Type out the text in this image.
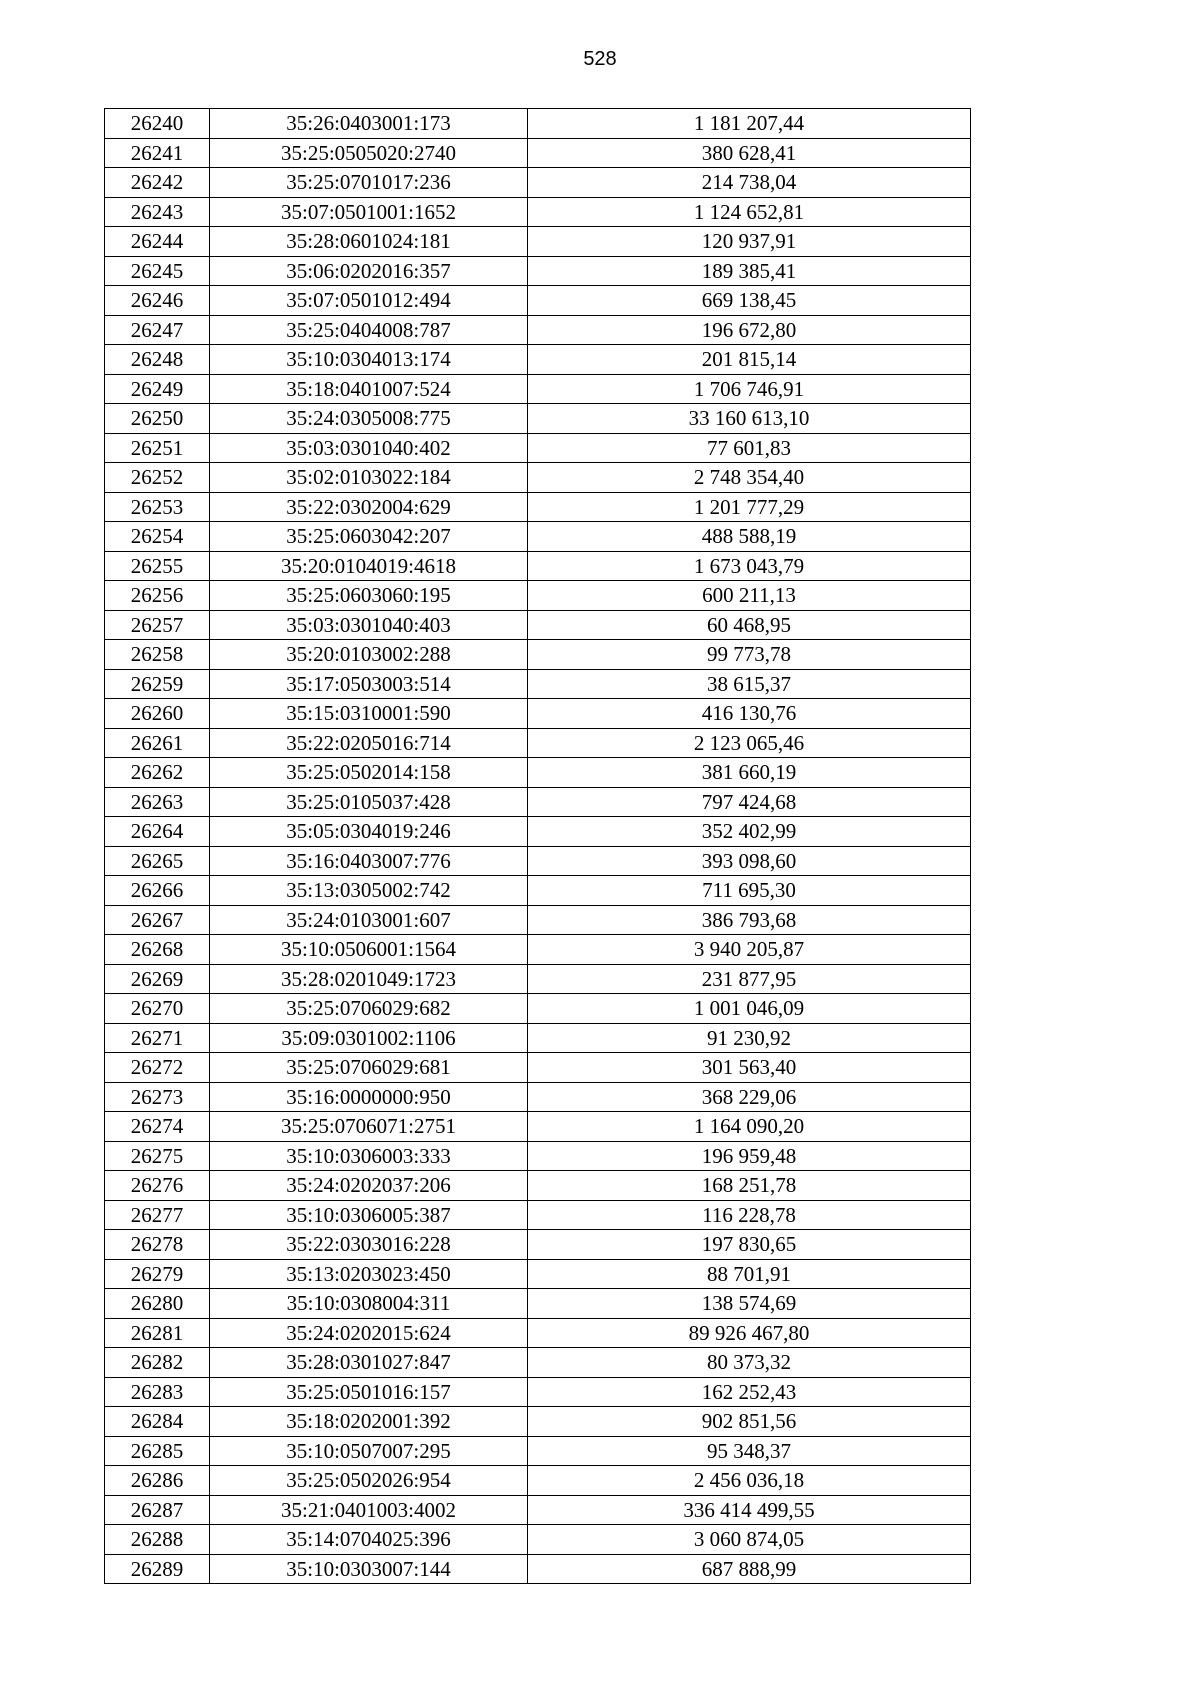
528
26240	35:26:0403001:173	1 181 207,44
26241	35:25:0505020:2740	380 628,41
26242	35:25:0701017:236	214 738,04
26243	35:07:0501001:1652	1 124 652,81
26244	35:28:0601024:181	120 937,91
26245	35:06:0202016:357	189 385,41
26246	35:07:0501012:494	669 138,45
26247	35:25:0404008:787	196 672,80
26248	35:10:0304013:174	201 815,14
26249	35:18:0401007:524	1 706 746,91
26250	35:24:0305008:775	33 160 613,10
26251	35:03:0301040:402	77 601,83
26252	35:02:0103022:184	2 748 354,40
26253	35:22:0302004:629	1 201 777,29
26254	35:25:0603042:207	488 588,19
26255	35:20:0104019:4618	1 673 043,79
26256	35:25:0603060:195	600 211,13
26257	35:03:0301040:403	60 468,95
26258	35:20:0103002:288	99 773,78
26259	35:17:0503003:514	38 615,37
26260	35:15:0310001:590	416 130,76
26261	35:22:0205016:714	2 123 065,46
26262	35:25:0502014:158	381 660,19
26263	35:25:0105037:428	797 424,68
26264	35:05:0304019:246	352 402,99
26265	35:16:0403007:776	393 098,60
26266	35:13:0305002:742	711 695,30
26267	35:24:0103001:607	386 793,68
26268	35:10:0506001:1564	3 940 205,87
26269	35:28:0201049:1723	231 877,95
26270	35:25:0706029:682	1 001 046,09
26271	35:09:0301002:1106	91 230,92
26272	35:25:0706029:681	301 563,40
26273	35:16:0000000:950	368 229,06
26274	35:25:0706071:2751	1 164 090,20
26275	35:10:0306003:333	196 959,48
26276	35:24:0202037:206	168 251,78
26277	35:10:0306005:387	116 228,78
26278	35:22:0303016:228	197 830,65
26279	35:13:0203023:450	88 701,91
26280	35:10:0308004:311	138 574,69
26281	35:24:0202015:624	89 926 467,80
26282	35:28:0301027:847	80 373,32
26283	35:25:0501016:157	162 252,43
26284	35:18:0202001:392	902 851,56
26285	35:10:0507007:295	95 348,37
26286	35:25:0502026:954	2 456 036,18
26287	35:21:0401003:4002	336 414 499,55
26288	35:14:0704025:396	3 060 874,05
26289	35:10:0303007:144	687 888,99
